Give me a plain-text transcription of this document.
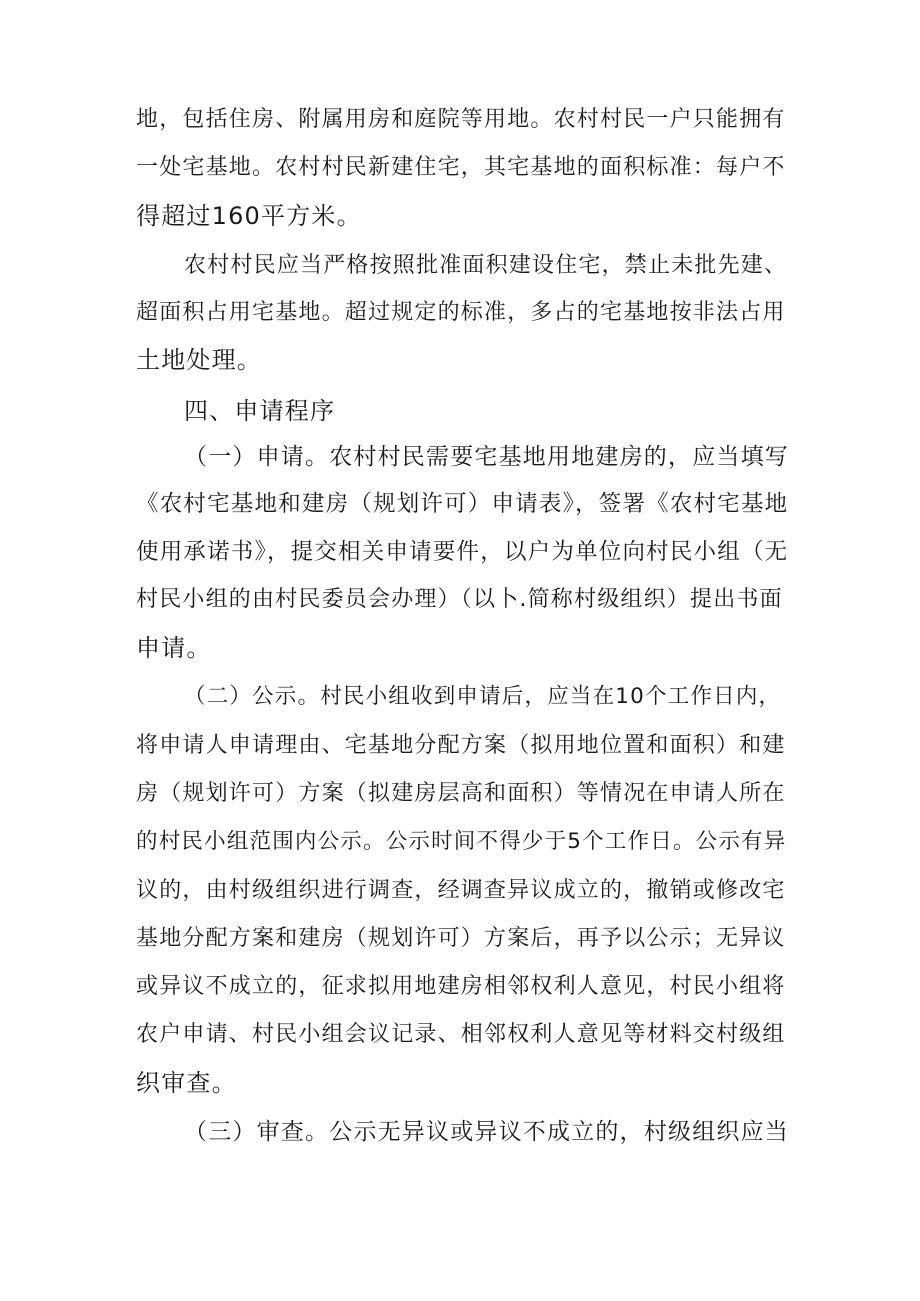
地，包括住房、附属用房和庭院等用地。农村村民一户只能拥有
一处宅基地。农村村民新建住宅，其宅基地的面积标准：每户不
得超过160平方米。
农村村民应当严格按照批准面积建设住宅，禁止未批先建、
超面积占用宅基地。超过规定的标准，多占的宅基地按非法占用
土地处理。
四、申请程序
（一）申请。农村村民需要宅基地用地建房的，应当填写
《农村宅基地和建房（规划许可）申请表》，签署《农村宅基地
使用承诺书》，提交相关申请要件，以户为单位向村民小组（无
村民小组的由村民委员会办理）（以卜.简称村级组织）提出书面
申请。
（二）公示。村民小组收到申请后，应当在10个工作日内，
将申请人申请理由、宅基地分配方案（拟用地位置和面积）和建
房（规划许可）方案（拟建房层高和面积）等情况在申请人所在
的村民小组范围内公示。公示时间不得少于5个工作日。公示有异
议的，由村级组织进行调查，经调查异议成立的，撤销或修改宅
基地分配方案和建房（规划许可）方案后，再予以公示；无异议
或异议不成立的，征求拟用地建房相邻权利人意见，村民小组将
农户申请、村民小组会议记录、相邻权利人意见等材料交村级组
织审查。
（三）审查。公示无异议或异议不成立的，村级组织应当
